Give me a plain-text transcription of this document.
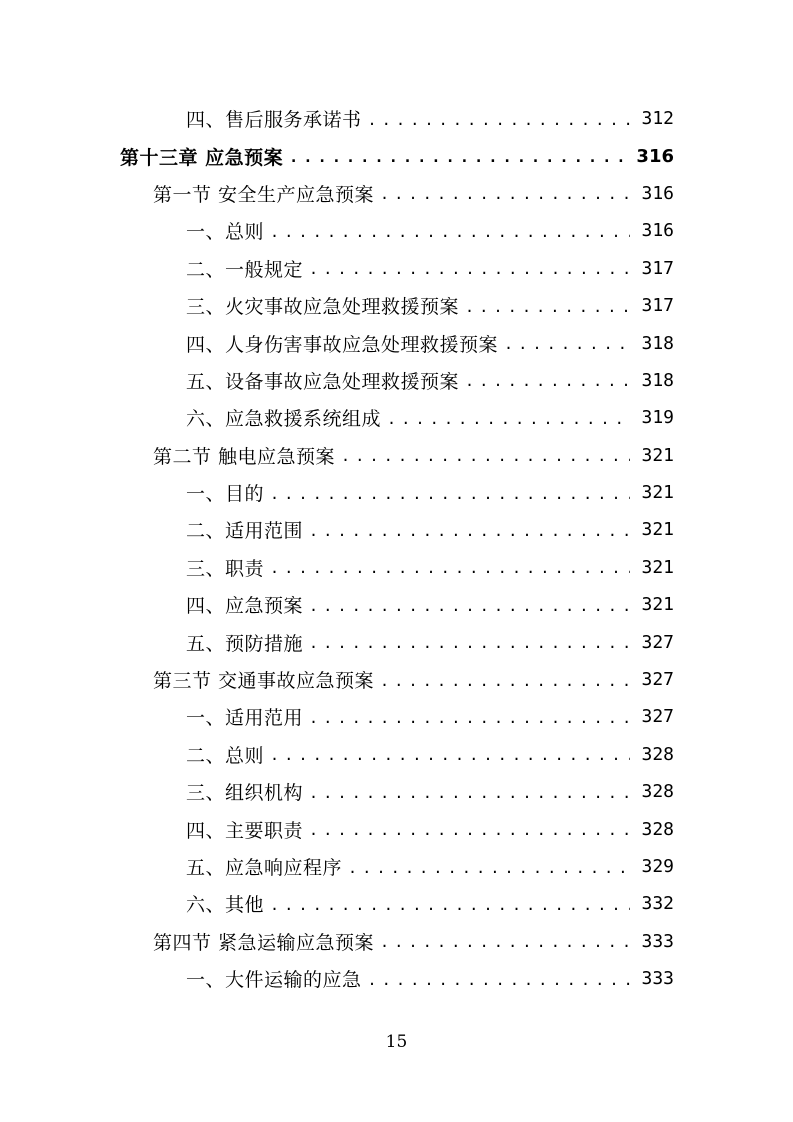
四、售后服务承诺书 .....	312
第十三章 应急预案 .....	316
第一节 安全生产应急预案 .....	316
一、总则 .....	316
二、一般规定 .....	317
三、火灾事故应急处理救援预案 .....	317
四、人身伤害事故应急处理救援预案 .....	318
五、设备事故应急处理救援预案 .....	318
六、应急救援系统组成 .....	319
第二节 触电应急预案 .....	321
一、目的 .....	321
二、适用范围 .....	321
三、职责 .....	321
四、应急预案 .....	321
五、预防措施 .....	327
第三节 交通事故应急预案 .....	327
一、适用范用 .....	327
二、总则 .....	328
三、组织机构 .....	328
四、主要职责 .....	328
五、应急响应程序 .....	329
六、其他 .....	332
第四节 紧急运输应急预案 .....	333
一、大件运输的应急 .....	333
15
